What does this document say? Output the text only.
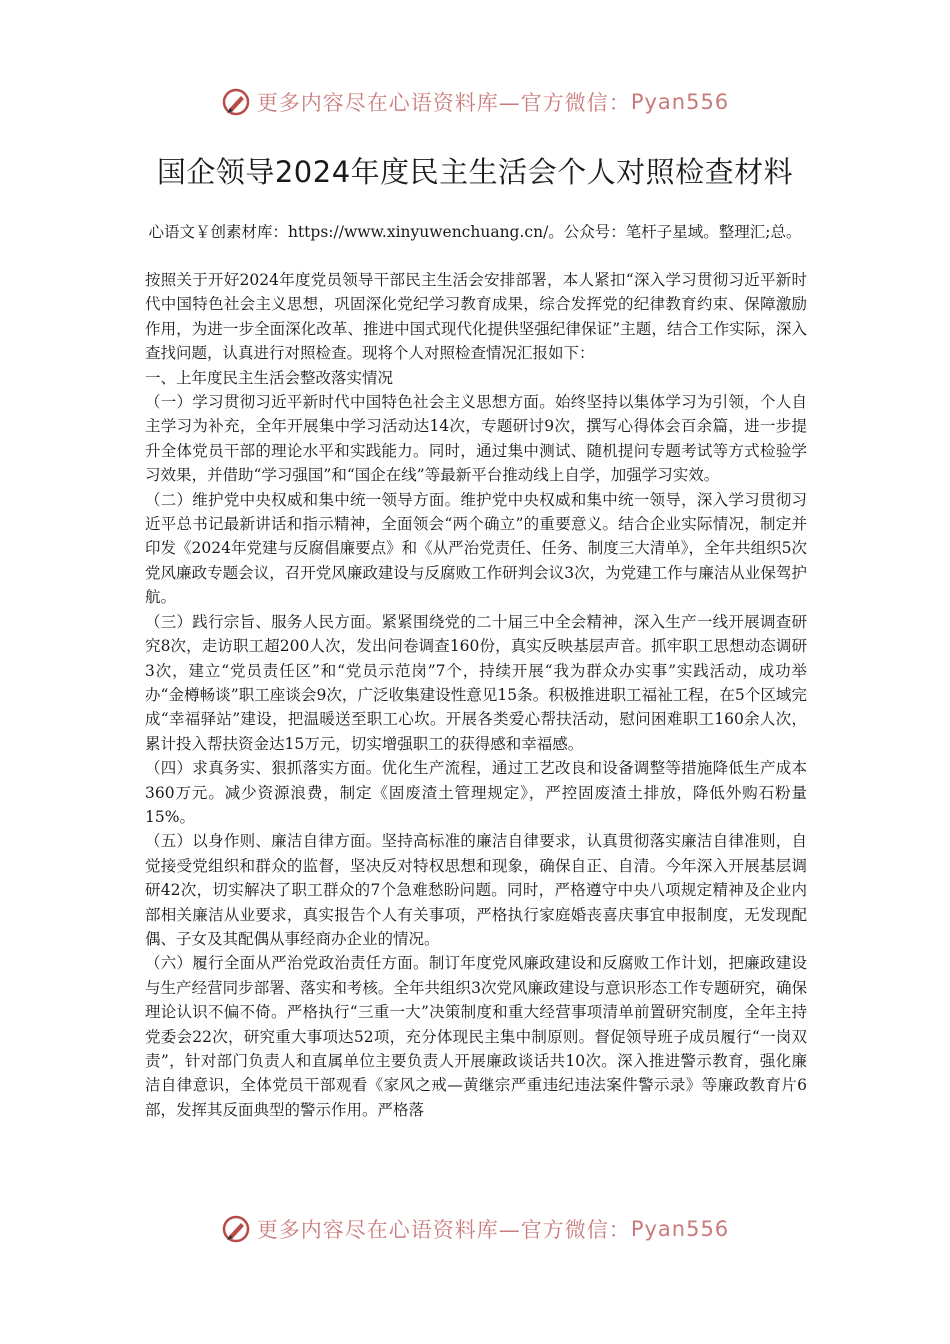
更多内容尽在心语资料库—官方微信： Pyan556
国企领导2024年度民主生活会个人对照检查材料
心语文￥创素材库：https://www.xinyuwenchuang.cn/。公众号：笔杆子星域。整理汇;总。

按照关于开好2024年度党员领导干部民主生活会安排部署，本人紧扣“深入学习贯彻习近平新时代中国特色社会主义思想，巩固深化党纪学习教育成果，综合发挥党的纪律教育约束、保障激励作用，为进一步全面深化改革、推进中国式现代化提供坚强纪律保证”主题，结合工作实际，深入查找问题，认真进行对照检查。现将个人对照检查情况汇报如下：

一、上年度民主生活会整改落实情况

（一）学习贯彻习近平新时代中国特色社会主义思想方面。始终坚持以集体学习为引领，个人自主学习为补充，全年开展集中学习活动达14次，专题研讨9次，撰写心得体会百余篇，进一步提升全体党员干部的理论水平和实践能力。同时，通过集中测试、随机提问专题考试等方式检验学习效果，并借助“学习强国”和“国企在线”等最新平台推动线上自学，加强学习实效。

（二）维护党中央权威和集中统一领导方面。维护党中央权威和集中统一领导，深入学习贯彻习近平总书记最新讲话和指示精神，全面领会“两个确立”的重要意义。结合企业实际情况，制定并印发《2024年党建与反腐倡廉要点》和《从严治党责任、任务、制度三大清单》，全年共组织5次党风廉政专题会议，召开党风廉政建设与反腐败工作研判会议3次，为党建工作与廉洁从业保驾护航。

（三）践行宗旨、服务人民方面。紧紧围绕党的二十届三中全会精神，深入生产一线开展调查研究8次，走访职工超200人次，发出问卷调查160份，真实反映基层声音。抓牢职工思想动态调研3次，建立“党员责任区”和“党员示范岗”7个，持续开展“我为群众办实事”实践活动，成功举办“金樽畅谈”职工座谈会9次，广泛收集建设性意见15条。积极推进职工福祉工程，在5个区域完成“幸福驿站”建设，把温暖送至职工心坎。开展各类爱心帮扶活动，慰问困难职工160余人次，累计投入帮扶资金达15万元，切实增强职工的获得感和幸福感。

（四）求真务实、狠抓落实方面。优化生产流程，通过工艺改良和设备调整等措施降低生产成本360万元。减少资源浪费，制定《固废渣土管理规定》，严控固废渣土排放，降低外购石粉量15%。

（五）以身作则、廉洁自律方面。坚持高标准的廉洁自律要求，认真贯彻落实廉洁自律准则，自觉接受党组织和群众的监督，坚决反对特权思想和现象，确保自正、自清。今年深入开展基层调研42次，切实解决了职工群众的7个急难愁盼问题。同时，严格遵守中央八项规定精神及企业内部相关廉洁从业要求，真实报告个人有关事项，严格执行家庭婚丧喜庆事宜申报制度，无发现配偶、子女及其配偶从事经商办企业的情况。

（六）履行全面从严治党政治责任方面。制订年度党风廉政建设和反腐败工作计划，把廉政建设与生产经营同步部署、落实和考核。全年共组织3次党风廉政建设与意识形态工作专题研究，确保理论认识不偏不倚。严格执行“三重一大”决策制度和重大经营事项清单前置研究制度，全年主持党委会22次，研究重大事项达52项，充分体现民主集中制原则。督促领导班子成员履行“一岗双责”，针对部门负责人和直属单位主要负责人开展廉政谈话共10次。深入推进警示教育，强化廉洁自律意识，全体党员干部观看《家风之戒—黄继宗严重违纪违法案件警示录》等廉政教育片6部，发挥其反面典型的警示作用。严格落

更多内容尽在心语资料库—官方微信： Pyan556
